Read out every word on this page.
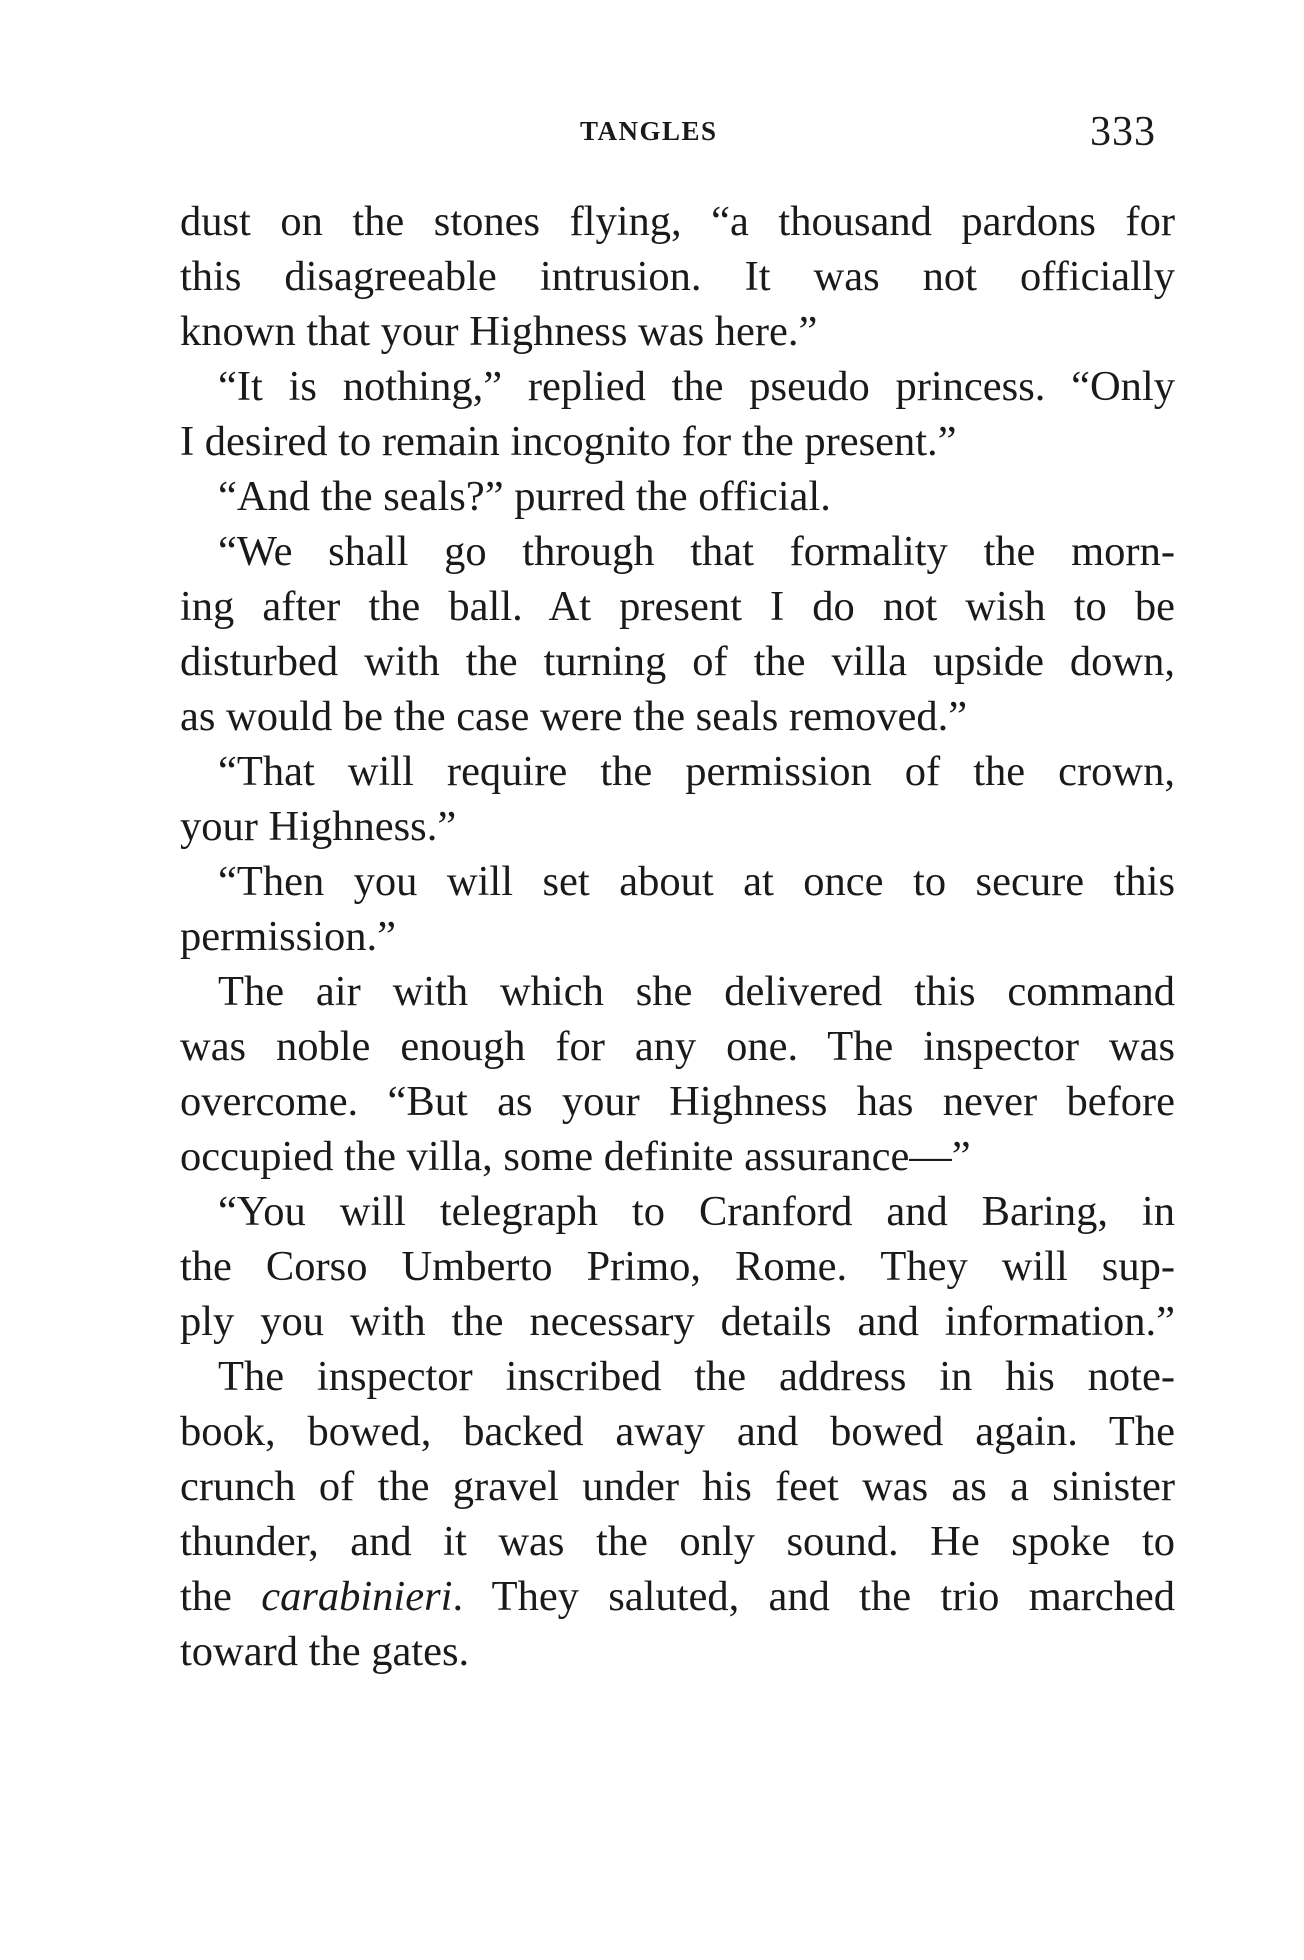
TANGLES	333
dust on the stones flying, “a thousand pardons for
this disagreeable intrusion. It was not officially
known that your Highness was here.”
“It is nothing,” replied the pseudo princess. “Only
I desired to remain incognito for the present.”
“And the seals?” purred the official.
“We shall go through that formality the morn-
ing after the ball. At present I do not wish to be
disturbed with the turning of the villa upside down,
as would be the case were the seals removed.”
“That will require the permission of the crown,
your Highness.”
“Then you will set about at once to secure this
permission.”
The air with which she delivered this command
was noble enough for any one. The inspector was
overcome. “But as your Highness has never before
occupied the villa, some definite assurance—”
“You will telegraph to Cranford and Baring, in
the Corso Umberto Primo, Rome. They will sup-
ply you with the necessary details and information.”
The inspector inscribed the address in his note-
book, bowed, backed away and bowed again. The
crunch of the gravel under his feet was as a sinister
thunder, and it was the only sound. He spoke to
the carabinieri. They saluted, and the trio marched
toward the gates.
